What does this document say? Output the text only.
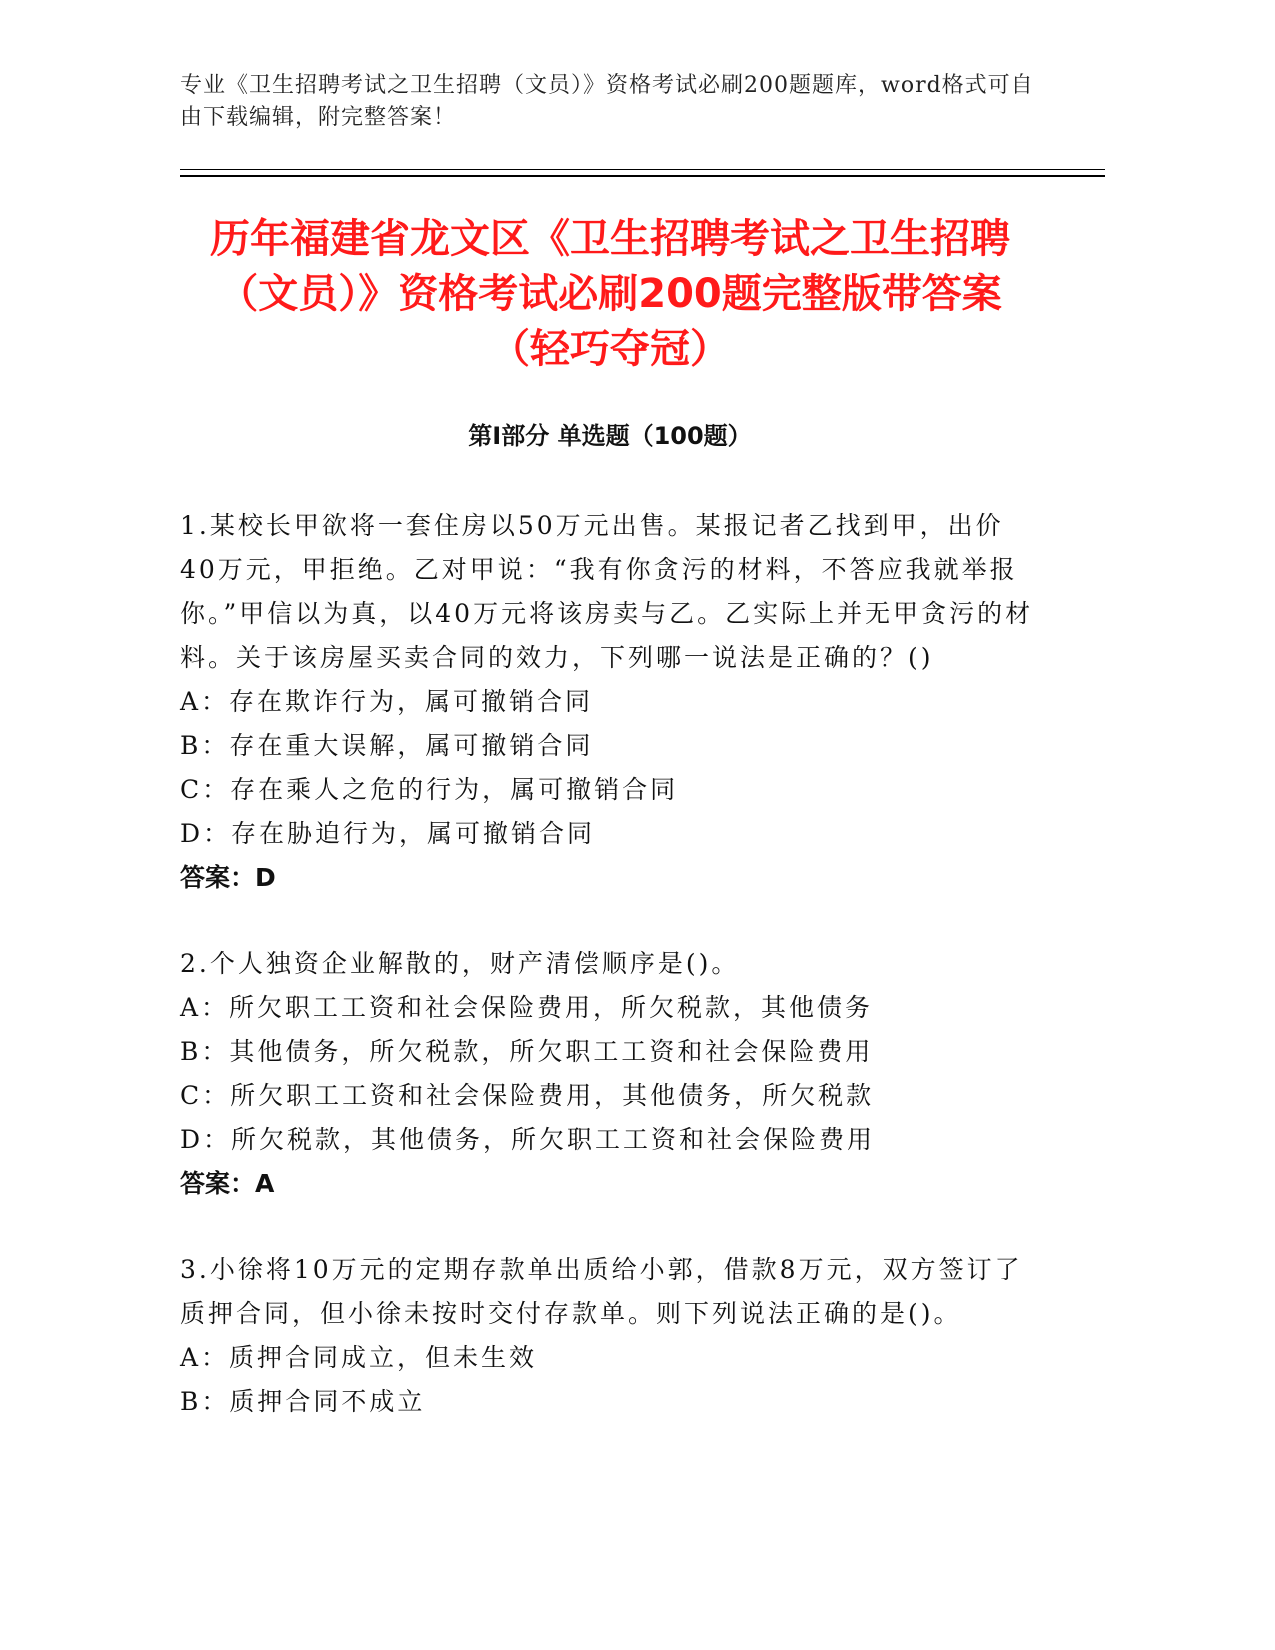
专业《卫生招聘考试之卫生招聘（文员）》资格考试必刷200题题库，word格式可自由下载编辑，附完整答案！
历年福建省龙文区《卫生招聘考试之卫生招聘（文员）》资格考试必刷200题完整版带答案（轻巧夺冠）
第Ⅰ部分 单选题（100题）

1.某校长甲欲将一套住房以50万元出售。某报记者乙找到甲，出价40万元，甲拒绝。乙对甲说：“我有你贪污的材料，不答应我就举报你。”甲信以为真，以40万元将该房卖与乙。乙实际上并无甲贪污的材料。关于该房屋买卖合同的效力，下列哪一说法是正确的？()

A：存在欺诈行为，属可撤销合同

B：存在重大误解，属可撤销合同

C：存在乘人之危的行为，属可撤销合同

D：存在胁迫行为，属可撤销合同

答案：D

2.个人独资企业解散的，财产清偿顺序是()。

A：所欠职工工资和社会保险费用，所欠税款，其他债务

B：其他债务，所欠税款，所欠职工工资和社会保险费用

C：所欠职工工资和社会保险费用，其他债务，所欠税款

D：所欠税款，其他债务，所欠职工工资和社会保险费用

答案：A

3.小徐将10万元的定期存款单出质给小郭，借款8万元，双方签订了质押合同，但小徐未按时交付存款单。则下列说法正确的是()。

A：质押合同成立，但未生效

B：质押合同不成立
